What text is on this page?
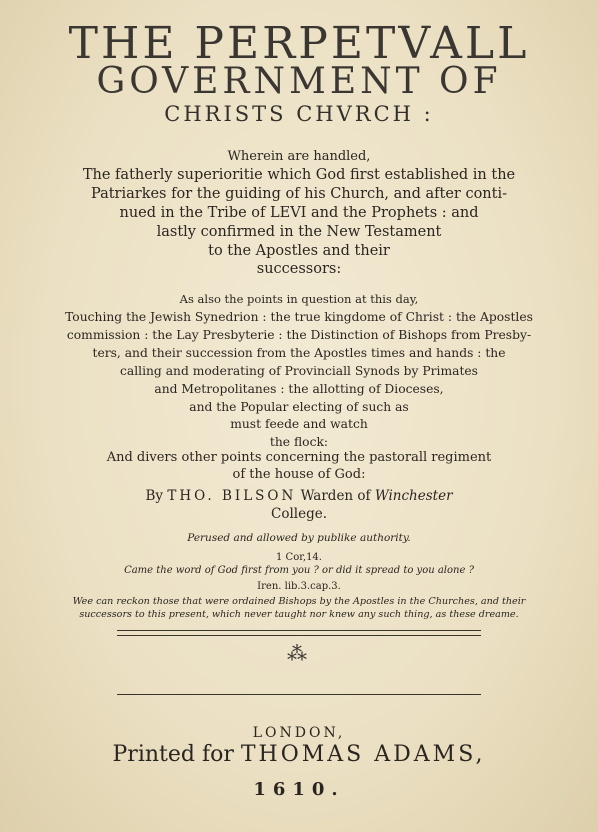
THE PERPETVALL
GOVERNMENT OF
CHRISTS CHVRCH :
Wherein are handled,
The fatherly superioritie which God first established in the
Patriarkes for the guiding of his Church, and after conti-
nued in the Tribe of LEVI and the Prophets : and
lastly confirmed in the New Testament
to the Apostles and their
successors:
As also the points in question at this day,
Touching the Jewish Synedrion : the true kingdome of Christ : the Apostles
commission : the Lay Presbyterie : the Distinction of Bishops from Presby-
ters, and their succession from the Apostles times and hands : the
calling and moderating of Provinciall Synods by Primates
and Metropolitanes : the allotting of Dioceses,
and the Popular electing of such as
must feede and watch
the flock:
And divers other points concerning the pastorall regiment
of the house of God:
By THO. BILSON Warden of Winchester
College.
Perused and allowed by publike authority.
1 Cor,14.
Came the word of God first from you ? or did it spread to you alone ?
Iren. lib.3.cap.3.
Wee can reckon those that were ordained Bishops by the Apostles in the Churches, and their
successors to this present, which never taught nor knew any such thing, as these dreame.
⁂
LONDON,
Printed for THOMAS ADAMS,
1610.
